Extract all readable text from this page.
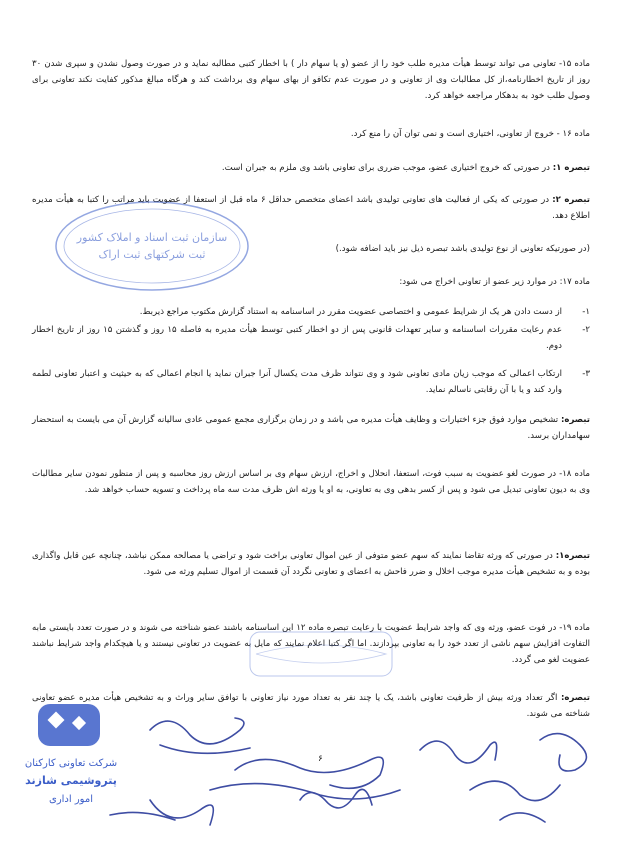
ماده ۱۵- تعاونی می تواند توسط هیأت مدیره طلب خود را از عضو (و یا سهام دار ) با اخطار کتبی مطالبه نماید و در صورت وصول نشدن و سپری شدن ۳۰ روز از تاریخ اخطارنامه،از کل مطالبات وی از تعاونی و در صورت عدم تکافو از بهای سهام وی برداشت کند و هرگاه مبالغ مذکور کفایت نکند تعاونی برای وصول طلب خود به بدهکار مراجعه خواهد کرد.

ماده ۱۶ - خروج از تعاونی، اختیاری است و نمی توان آن را منع کرد.

تبصره ۱: در صورتی که خروج اختیاری عضو، موجب ضرری برای تعاونی باشد وی ملزم به جبران است.

تبصره ۲: در صورتی که یکی از فعالیت های تعاونی تولیدی باشد اعضای متخصص حداقل ۶ ماه قبل از استعفا از عضویت باید مراتب را کتبا به هیأت مدیره اطلاع دهد.

(در صورتیکه تعاونی از نوع تولیدی باشد تبصره ذیل نیز باید اضافه شود.)

ماده ۱۷: در موارد زیر عضو از تعاونی اخراج می شود:

۱-
از دست دادن هر یک از شرایط عمومی و اختصاصی عضویت مقرر در اساسنامه به استناد گزارش مکتوب مراجع ذیربط.
۲-
عدم رعایت مقررات اساسنامه و سایر تعهدات قانونی پس از دو اخطار کتبی توسط هیأت مدیره به فاصله ۱۵ روز و گذشتن ۱۵ روز از تاریخ اخطار دوم.
۳-
ارتکاب اعمالی که موجب زیان مادی تعاونی شود و وی نتواند ظرف مدت یکسال آنرا جبران نماید یا انجام اعمالی که به حیثیت و اعتبار تعاونی لطمه وارد کند و یا با آن رقابتی ناسالم نماید.

تبصره: تشخیص موارد فوق جزء اختیارات و وظایف هیأت مدیره می باشد و در زمان برگزاری مجمع عمومی عادی سالیانه گزارش آن می بایست به استحضار سهامداران برسد.

ماده ۱۸- در صورت لغو عضویت به سبب فوت، استعفا، انحلال و اخراج، ارزش سهام وی بر اساس ارزش روز محاسبه و پس از منظور نمودن سایر مطالبات وی به دیون تعاونی تبدیل می شود و پس از کسر بدهی وی به تعاونی، به او یا ورثه اش ظرف مدت سه ماه پرداخت و تسویه حساب خواهد شد.

تبصره۱: در صورتی که ورثه تقاضا نمایند که سهم عضو متوفی از عین اموال تعاونی براخت شود و تراضی یا مصالحه ممکن نباشد، چنانچه عین قابل واگذاری بوده و به تشخیص هیأت مدیره موجب اخلال و ضرر فاحش به اعضای و تعاونی نگردد آن قسمت از اموال تسلیم ورثه می شود.

ماده ۱۹- در فوت عضو، ورثه وی که واجد شرایط عضویت با رعایت تبصره ماده ۱۲ این اساسنامه باشند عضو شناخته می شوند و در صورت تعدد بایستی مابه التفاوت افزایش سهم ناشی از تعدد خود را به تعاونی بپردازند. اما اگر کتبا اعلام نمایند که مایل به عضویت در تعاونی نیستند و یا هیچکدام واجد شرایط نباشند عضویت لغو می گردد.

تبصره: اگر تعداد ورثه بیش از ظرفیت تعاونی باشد، یک یا چند نفر به تعداد مورد نیاز تعاونی با توافق سایر وراث و به تشخیص هیأت مدیره عضو تعاونی شناخته می شوند.

۶
سازمان ثبت اسناد و املاک کشور
ثبت شرکتهای ثبت اراک
شرکت تعاونی کارکنان
پتروشیمی شازند
امور اداری
